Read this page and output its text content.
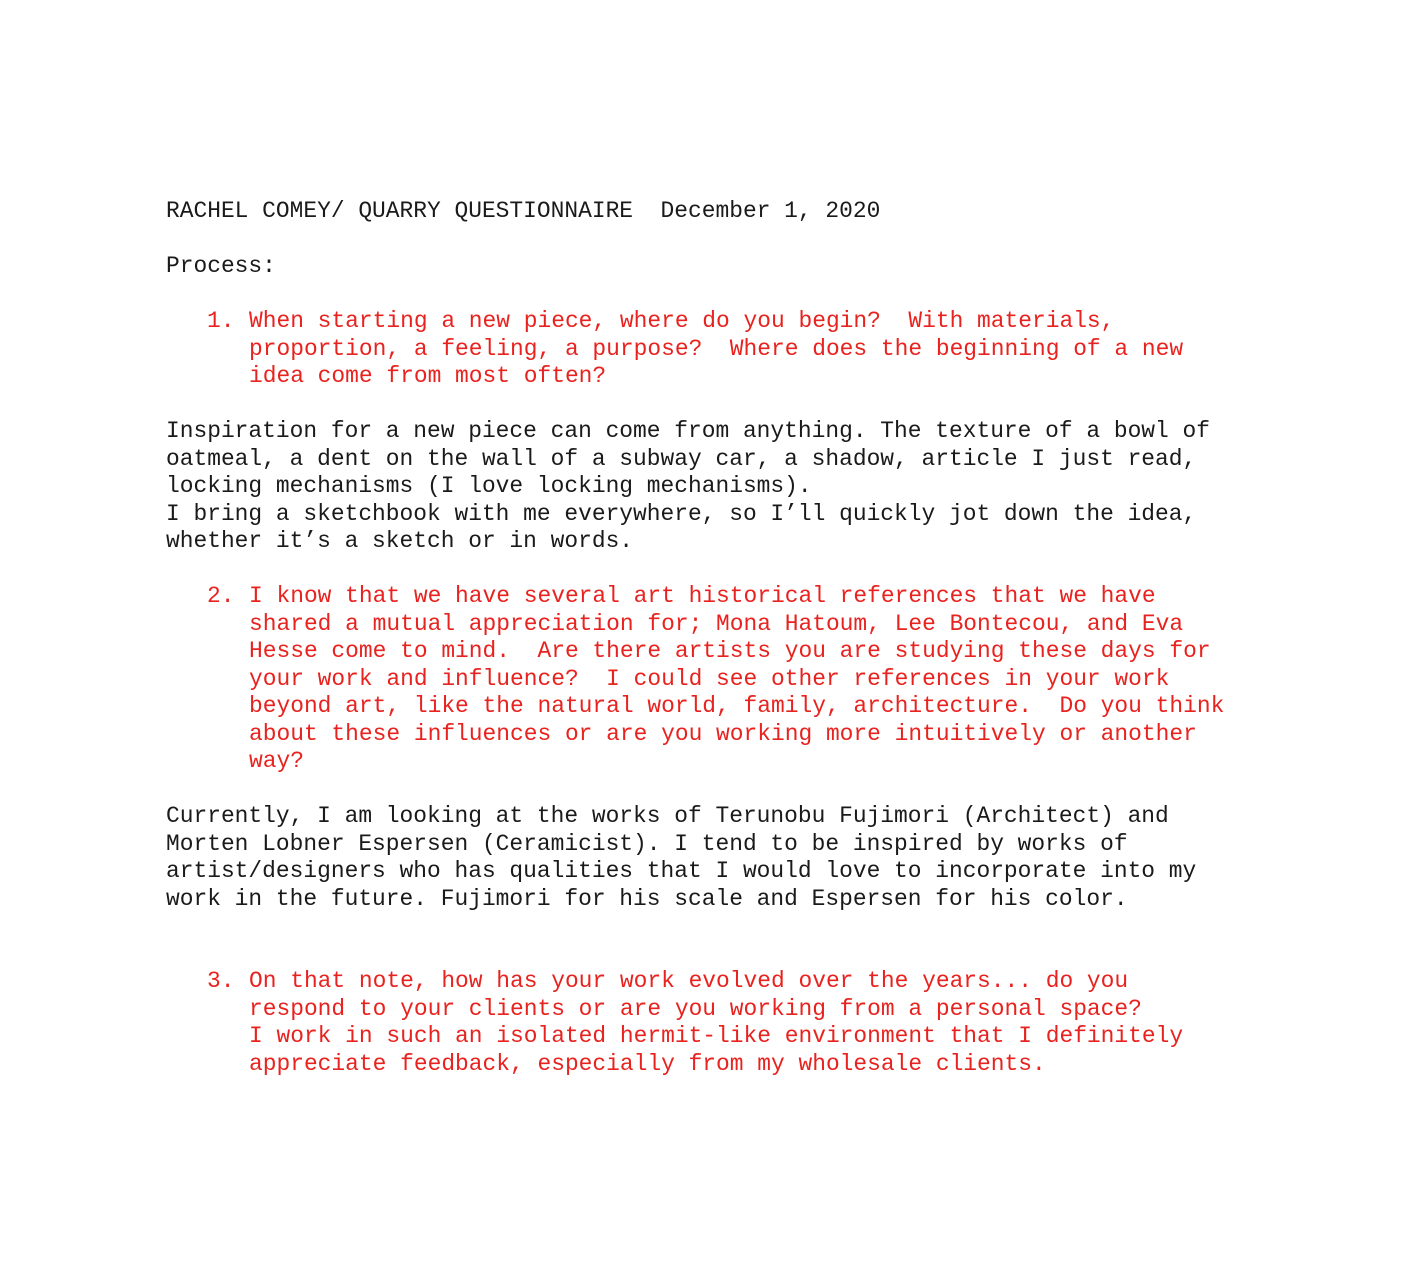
RACHEL COMEY/ QUARRY QUESTIONNAIRE December 1, 2020
Process:
1. When starting a new piece, where do you begin?  With materials,
proportion, a feeling, a purpose?  Where does the beginning of a new
idea come from most often?
Inspiration for a new piece can come from anything. The texture of a bowl of
oatmeal, a dent on the wall of a subway car, a shadow, article I just read,
locking mechanisms (I love locking mechanisms).
I bring a sketchbook with me everywhere, so I’ll quickly jot down the idea,
whether it’s a sketch or in words.
2. I know that we have several art historical references that we have
shared a mutual appreciation for; Mona Hatoum, Lee Bontecou, and Eva
Hesse come to mind.  Are there artists you are studying these days for
your work and influence?  I could see other references in your work
beyond art, like the natural world, family, architecture.  Do you think
about these influences or are you working more intuitively or another
way?
Currently, I am looking at the works of Terunobu Fujimori (Architect) and
Morten Lobner Espersen (Ceramicist). I tend to be inspired by works of
artist/designers who has qualities that I would love to incorporate into my
work in the future. Fujimori for his scale and Espersen for his color.
3. On that note, how has your work evolved over the years... do you
respond to your clients or are you working from a personal space?
I work in such an isolated hermit-like environment that I definitely
appreciate feedback, especially from my wholesale clients.
